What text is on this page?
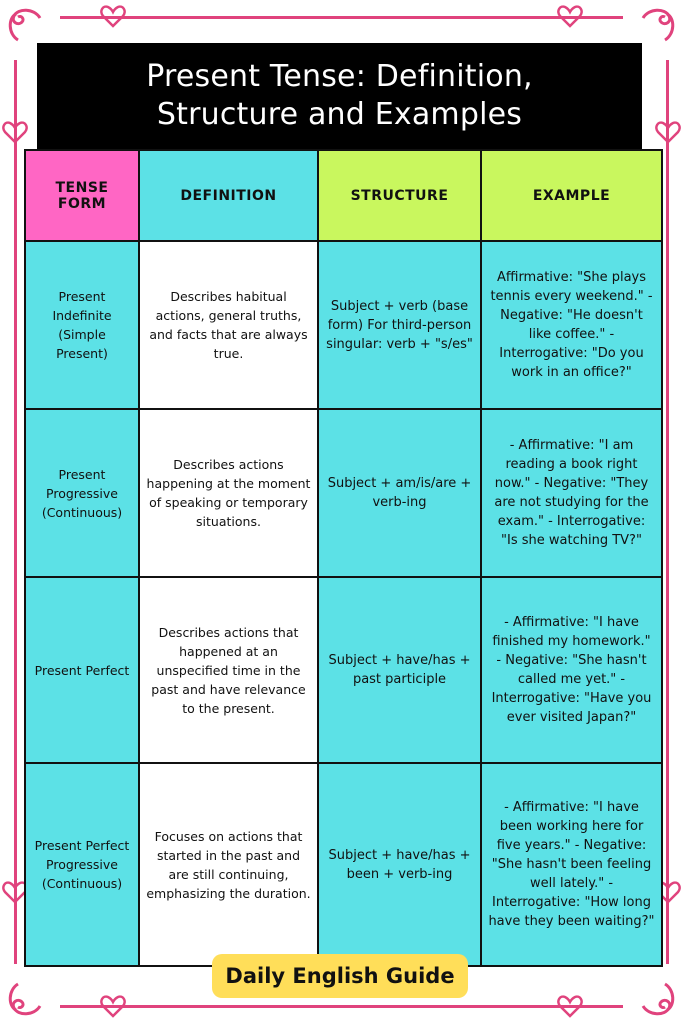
Present Tense: Definition,
Structure and Examples
TENSE FORM	DEFINITION	STRUCTURE	EXAMPLE
Present Indefinite (Simple Present)	Describes habitual actions, general truths, and facts that are always true.	Subject + verb (base form) For third-person singular: verb + "s/es"	Affirmative: "She plays tennis every weekend." - Negative: "He doesn't like coffee." - Interrogative: "Do you work in an office?"
Present Progressive (Continuous)	Describes actions happening at the moment of speaking or temporary situations.	Subject + am/is/are + verb-ing	- Affirmative: "I am reading a book right now." - Negative: "They are not studying for the exam." - Interrogative: "Is she watching TV?"
Present Perfect	Describes actions that happened at an unspecified time in the past and have relevance to the present.	Subject + have/has + past participle	- Affirmative: "I have finished my homework." - Negative: "She hasn't called me yet." - Interrogative: "Have you ever visited Japan?"
Present Perfect Progressive (Continuous)	Focuses on actions that started in the past and are still continuing, emphasizing the duration.	Subject + have/has + been + verb-ing	- Affirmative: "I have been working here for five years." - Negative: "She hasn't been feeling well lately." - Interrogative: "How long have they been waiting?"
Daily English Guide
